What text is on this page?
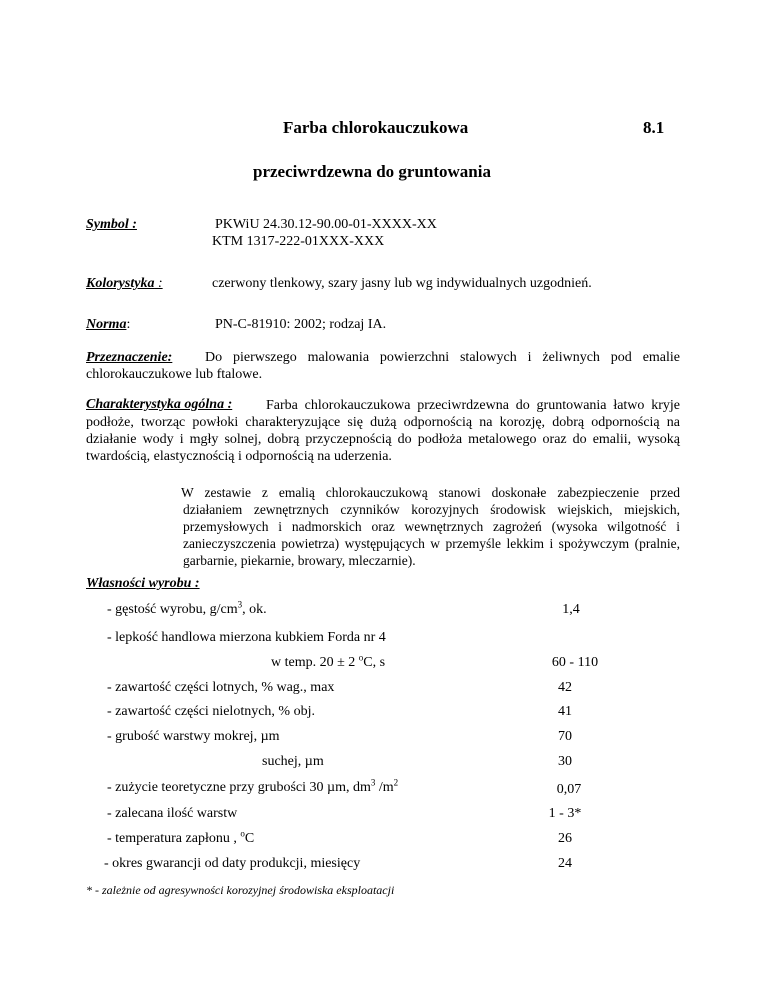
Farba chlorokauczukowa	8.1
przeciwrdzewna do gruntowania
Symbol :	PKWiU 24.30.12-90.00-01-XXXX-XX
KTM 1317-222-01XXX-XXX
Kolorystyka :	czerwony tlenkowy, szary jasny lub wg indywidualnych uzgodnień.
Norma:	PN-C-81910: 2002; rodzaj IA.

Przeznaczenie: Do pierwszego malowania powierzchni stalowych i żeliwnych pod emalie chlorokauczukowe lub ftalowe.

Charakterystyka ogólna :	Farba chlorokauczukowa przeciwrdzewna do gruntowania łatwo kryje podłoże, tworząc powłoki charakteryzujące się dużą odpornością na korozję, dobrą odpornością na działanie wody i mgły solnej, dobrą przyczepnością do podłoża metalowego oraz do emalii, wysoką twardością, elastycznością i odpornością na uderzenia.

W zestawie z emalią chlorokauczukową stanowi doskonałe zabezpieczenie przed działaniem zewnętrznych czynników korozyjnych środowisk wiejskich, miejskich, przemysłowych i nadmorskich oraz wewnętrznych zagrożeń (wysoka wilgotność i zanieczyszczenia powietrza) występujących w przemyśle lekkim i spożywczym (pralnie, garbarnie, piekarnie, browary, mleczarnie).

Własności wyrobu :
- gęstość wyrobu, $g/cm^3$, ok.	1,4
- lepkość handlowa mierzona kubkiem Forda nr 4
w temp. 20 ± 2 $^o$C, s	60 - 110
- zawartość części lotnych, % wag., max	42
- zawartość części nielotnych, % obj.	41
- grubość warstwy mokrej, µm	70
suchej, µm	30
- zużycie teoretyczne przy grubości 30 µm, $dm^3$ $/m^2$	0,07
- zalecana ilość warstw	1 - 3*
- temperatura zapłonu , $^o$C	26
- okres gwarancji od daty produkcji, miesięcy	24
* - zależnie od agresywności korozyjnej środowiska eksploatacji
